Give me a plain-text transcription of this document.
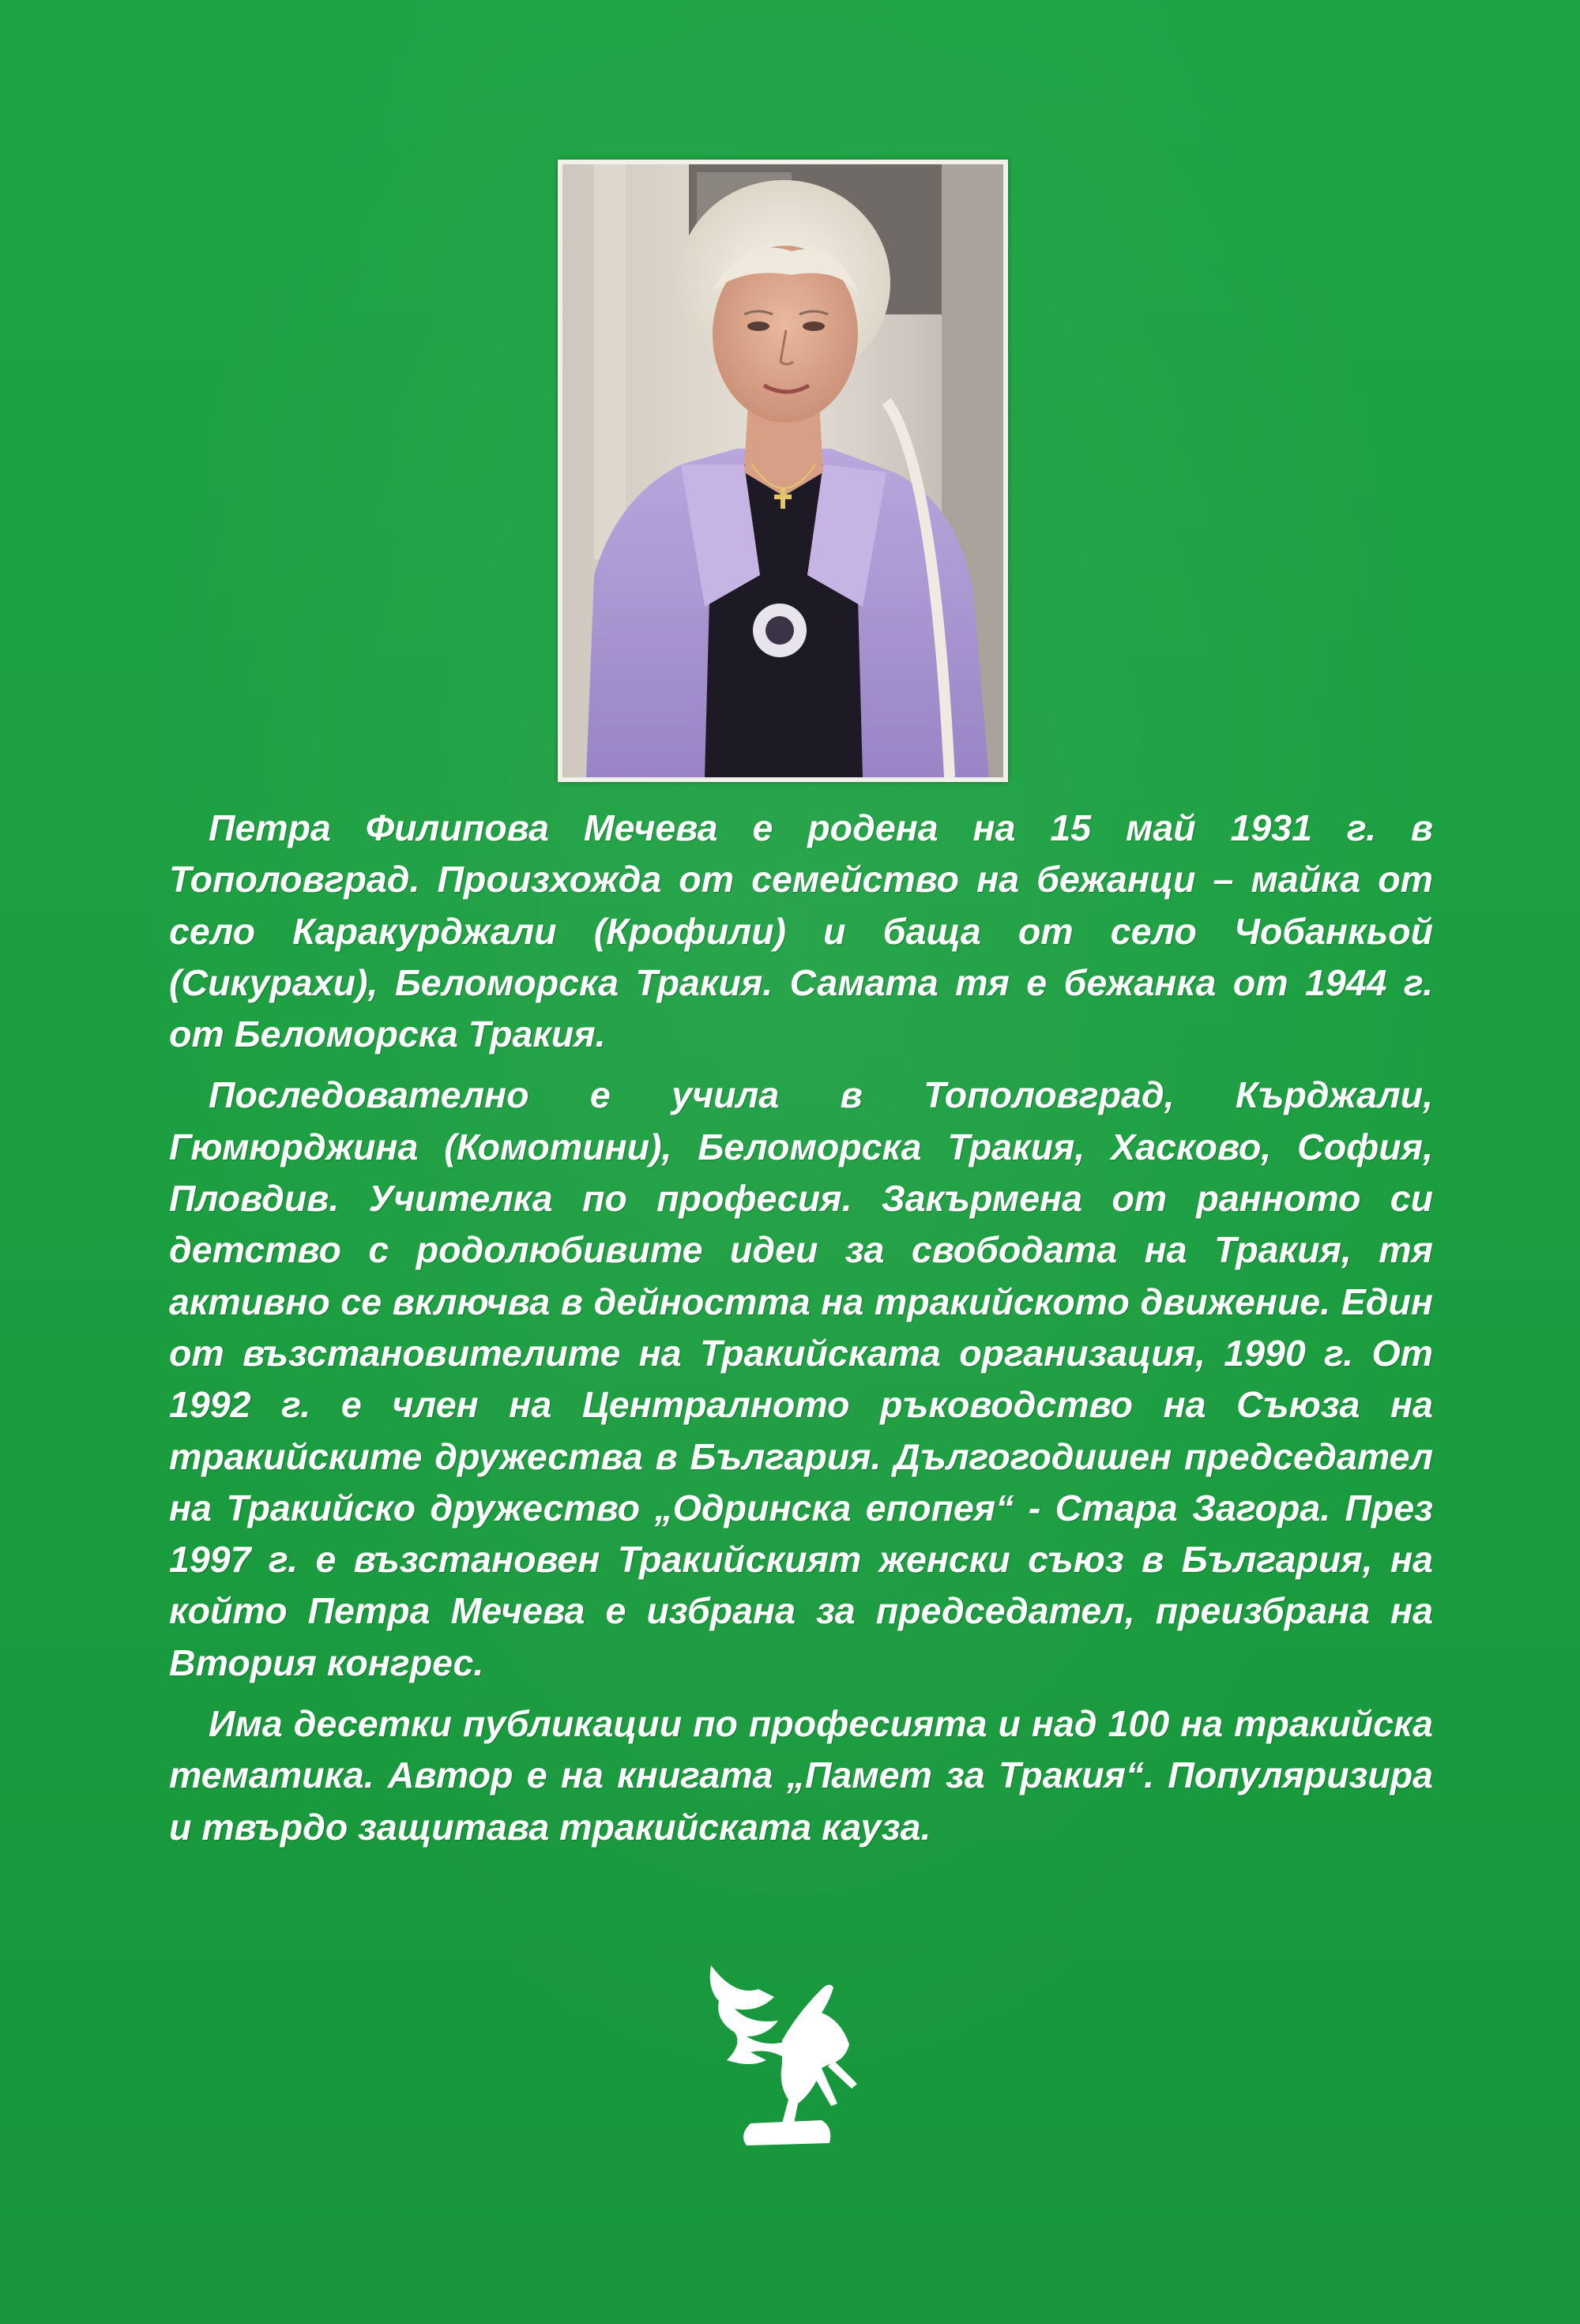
Петра Филипова Мечева е родена на 15 май 1931 г. в Тополовград. Произхожда от семейство на бежанци – майка от село Каракурджали (Крофили) и баща от село Чобанкьой (Сикурахи), Беломорска Тракия. Самата тя е бежанка от 1944 г. от Беломорска Тракия.

Последователно е учила в Тополовград, Кърджали, Гюмюрджина (Комотини), Беломорска Тракия, Хасково, София, Пловдив. Учителка по професия. Закърмена от ранното си детство с родолюбивите идеи за свободата на Тракия, тя активно се включва в дейността на тракийското движение. Един от възстановителите на Тракийската организация, 1990 г. От 1992 г. е член на Централното ръководство на Съюза на тракийските дружества в България. Дългогодишен председател на Тракийско дружество „Одринска епопея“ - Стара Загора. През 1997 г. е възстановен Тракийският женски съюз в България, на който Петра Мечева е избрана за председател, преизбрана на Втория конгрес.

Има десетки публикации по професията и над 100 на тракийска тематика. Автор е на книгата „Памет за Тракия“. Популяризира и твърдо защитава тракийската кауза.
